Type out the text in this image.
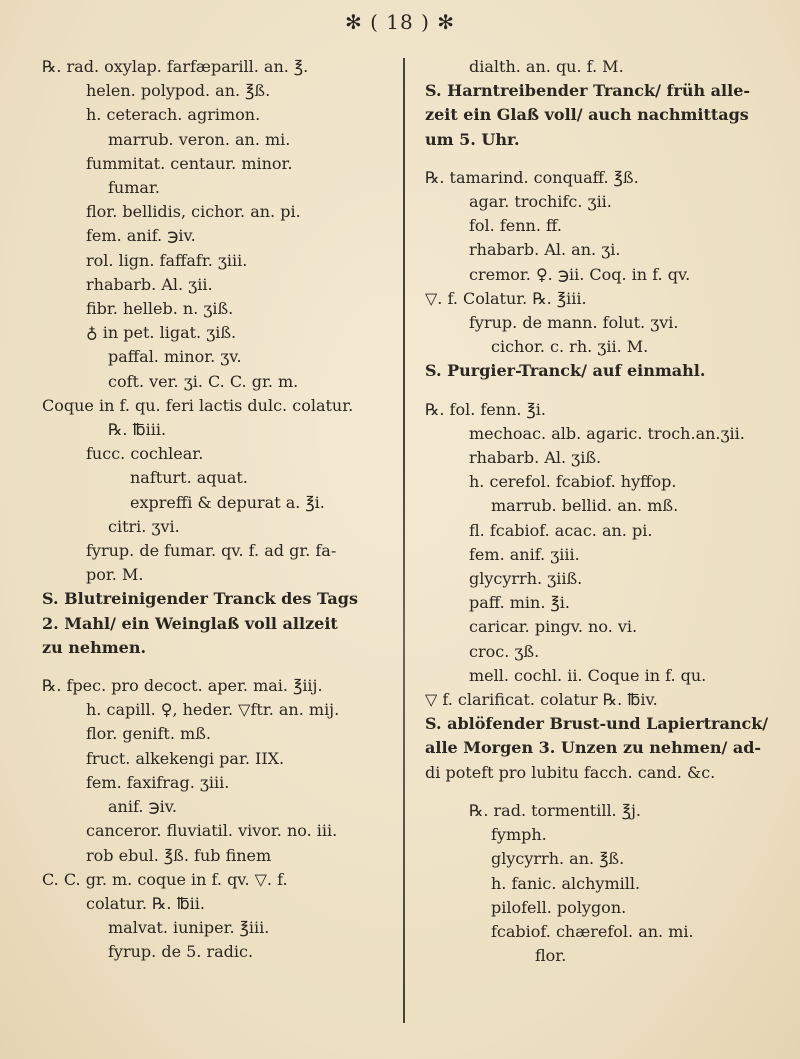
✻ ( 18 ) ✻
℞. rad. oxylap. farfæparill. an. ℥.
helen. polypod. an. ℥ß.
h. ceterach. agrimon.
marrub. veron. an. mi.
fummitat. centaur. minor.
fumar.
flor. bellidis, cichor. an. pi.
fem. anif. ℈iv.
rol. lign. faffafr. ʒiii.
rhabarb. Al. ʒii.
fibr. helleb. n. ʒiß.
♁ in pet. ligat. ʒiß.
paffal. minor. ʒv.
coft. ver. ʒi. C. C. gr. m.
Coque in f. qu. feri lactis dulc. colatur.
℞. ℔iii.
fucc. cochlear.
nafturt. aquat.
expreffi & depurat a. ℥i.
citri. ʒvi.
fyrup. de fumar. qv. f. ad gr. fa-
por. M.
S. Blutreinigender Tranck des Tags
2. Mahl/ ein Weinglaß voll allzeit
zu nehmen.
℞. fpec. pro decoct. aper. mai. ℥iij.
h. capill. ♀, heder. ▽ftr. an. mij.
flor. genift. mß.
fruct. alkekengi par. IIX.
fem. faxifrag. ʒiii.
anif. ℈iv.
canceror. fluviatil. vivor. no. iii.
rob ebul. ℥ß. fub finem
C. C. gr. m. coque in f. qv. ▽. f.
colatur. ℞. ℔ii.
malvat. iuniper. ℥iii.
fyrup. de 5. radic.
dialth. an. qu. f. M.
S. Harntreibender Tranck/ früh alle-
zeit ein Glaß voll/ auch nachmittags
um 5. Uhr.
℞. tamarind. conquaff. ℥ß.
agar. trochifc. ʒii.
fol. fenn. ff.
rhabarb. Al. an. ʒi.
cremor. ♀. ℈ii. Coq. in f. qv.
▽. f. Colatur. ℞. ℥iii.
fyrup. de mann. folut. ʒvi.
cichor. c. rh. ʒii. M.
S. Purgier-Tranck/ auf einmahl.
℞. fol. fenn. ℥i.
mechoac. alb. agaric. troch.an.ʒii.
rhabarb. Al. ʒiß.
h. cerefol. fcabiof. hyffop.
marrub. bellid. an. mß.
fl. fcabiof. acac. an. pi.
fem. anif. ʒiii.
glycyrrh. ʒiiß.
paff. min. ℥i.
caricar. pingv. no. vi.
croc. ʒß.
mell. cochl. ii. Coque in f. qu.
▽ f. clarificat. colatur ℞. ℔iv.
S. ablöfender Brust-und Lapiertranck/
alle Morgen 3. Unzen zu nehmen/ ad-
di poteft pro lubitu facch. cand. &c.
℞. rad. tormentill. ℥j.
fymph.
glycyrrh. an. ℥ß.
h. fanic. alchymill.
pilofell. polygon.
fcabiof. chærefol. an. mi.
flor.
